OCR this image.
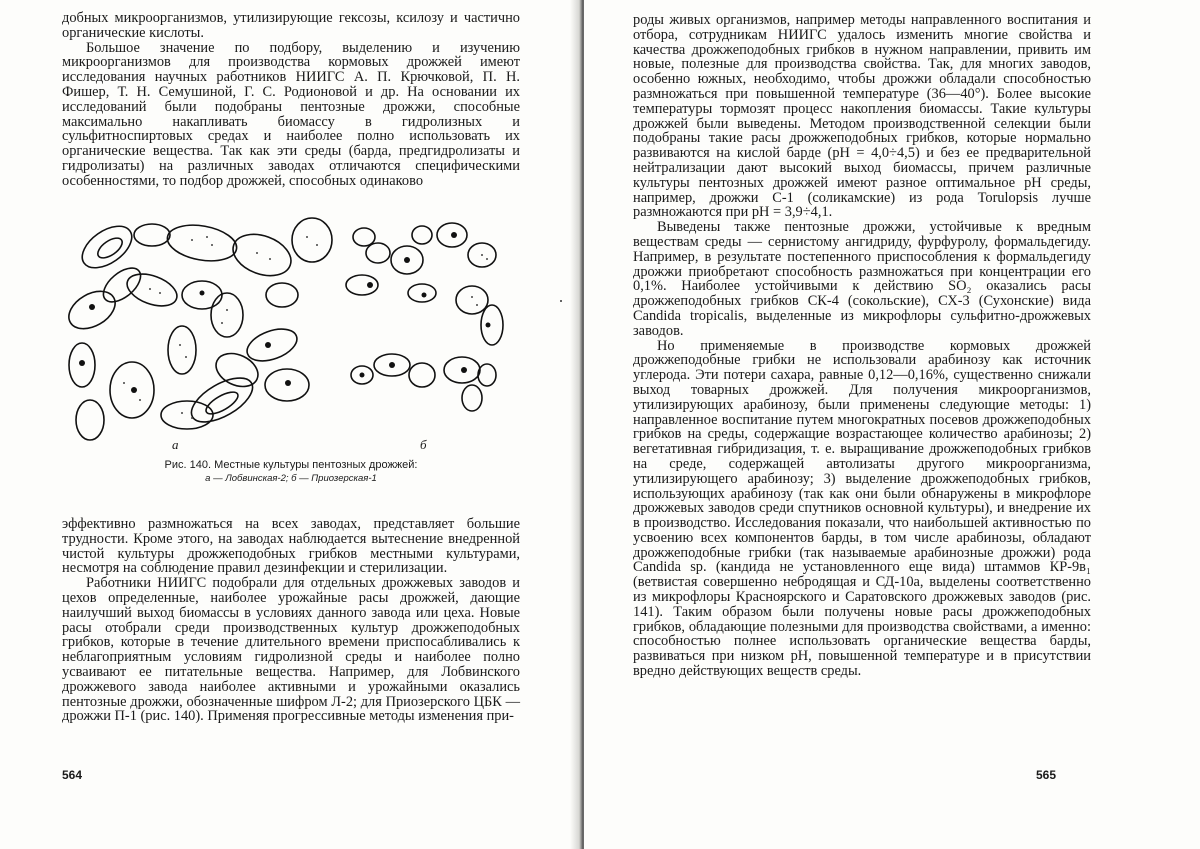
добных микроорганизмов, утилизирующие гексозы, ксилозу и частично органические кислоты.

Большое значение по подбору, выделению и изучению микроорганизмов для производства кормовых дрожжей имеют исследования научных работников НИИГС А. П. Крючковой, П. Н. Фишер, Т. Н. Семушиной, Г. С. Родионовой и др. На основании их исследований были подобраны пентозные дрожжи, способные максимально накапливать биомассу в гидролизных и сульфитноспиртовых средах и наиболее полно использовать их органические вещества. Так как эти среды (барда, предгидролизаты и гидролизаты) на различных заводах отличаются специфическими особенностями, то подбор дрожжей, способных одинаково

а	б
Рис. 140. Местные культуры пентозных дрожжей:
а — Лобвинская-2; б — Приозерская-1

эффективно размножаться на всех заводах, представляет большие трудности. Кроме этого, на заводах наблюдается вытеснение внедренной чистой культуры дрожжеподобных грибков местными культурами, несмотря на соблюдение правил дезинфекции и стерилизации.

Работники НИИГС подобрали для отдельных дрожжевых заводов и цехов определенные, наиболее урожайные расы дрожжей, дающие наилучший выход биомассы в условиях данного завода или цеха. Новые расы отобрали среди производственных культур дрожжеподобных грибков, которые в течение длительного времени приспосабливались к неблагоприятным условиям гидролизной среды и наиболее полно усваивают ее питательные вещества. Например, для Лобвинского дрожжевого завода наиболее активными и урожайными оказались пентозные дрожжи, обозначенные шифром Л-2; для Приозерского ЦБК — дрожжи П-1 (рис. 140). Применяя прогрессивные методы изменения при-

564

роды живых организмов, например методы направленного воспитания и отбора, сотрудникам НИИГС удалось изменить многие свойства и качества дрожжеподобных грибков в нужном направлении, привить им новые, полезные для производства свойства. Так, для многих заводов, особенно южных, необходимо, чтобы дрожжи обладали способностью размножаться при повышенной температуре (36—40°). Более высокие температуры тормозят процесс накопления биомассы. Такие культуры дрожжей были выведены. Методом производственной селекции были подобраны такие расы дрожжеподобных грибков, которые нормально развиваются на кислой барде (pH = 4,0÷4,5) и без ее предварительной нейтрализации дают высокий выход биомассы, причем различные культуры пентозных дрожжей имеют разное оптимальное pH среды, например, дрожжи С-1 (соликамские) из рода Torulopsis лучше размножаются при pH = 3,9÷4,1.

Выведены также пентозные дрожжи, устойчивые к вредным веществам среды — сернистому ангидриду, фурфуролу, формальдегиду. Например, в результате постепенного приспособления к формальдегиду дрожжи приобретают способность размножаться при концентрации его 0,1%. Наиболее устойчивыми к действию SO₂ оказались расы дрожжеподобных грибков СК-4 (сокольские), СХ-3 (Сухонские) вида Candida tropicalis, выделенные из микрофлоры сульфитно-дрожжевых заводов.

Но применяемые в производстве кормовых дрожжей дрожжеподобные грибки не использовали арабинозу как источник углерода. Эти потери сахара, равные 0,12—0,16%, существенно снижали выход товарных дрожжей. Для получения микроорганизмов, утилизирующих арабинозу, были применены следующие методы: 1) направленное воспитание путем многократных посевов дрожжеподобных грибков на среды, содержащие возрастающее количество арабинозы; 2) вегетативная гибридизация, т. е. выращивание дрожжеподобных грибков на среде, содержащей автолизаты другого микроорганизма, утилизирующего арабинозу; 3) выделение дрожжеподобных грибков, использующих арабинозу (так как они были обнаружены в микрофлоре дрожжевых заводов среди спутников основной культуры), и внедрение их в производство. Исследования показали, что наибольшей активностью по усвоению всех компонентов барды, в том числе арабинозы, обладают дрожжеподобные грибки (так называемые арабинозные дрожжи) рода Candida sp. (кандида не установленного еще вида) штаммов КР-9в₁ (ветвистая совершенно небродящая и СД-10а, выделены соответственно из микрофлоры Красноярского и Саратовского дрожжевых заводов (рис. 141). Таким образом были получены новые расы дрожжеподобных грибков, обладающие полезными для производства свойствами, а именно: способностью полнее использовать органические вещества барды, развиваться при низком pH, повышенной температуре и в присутствии вредно действующих веществ среды.

565
